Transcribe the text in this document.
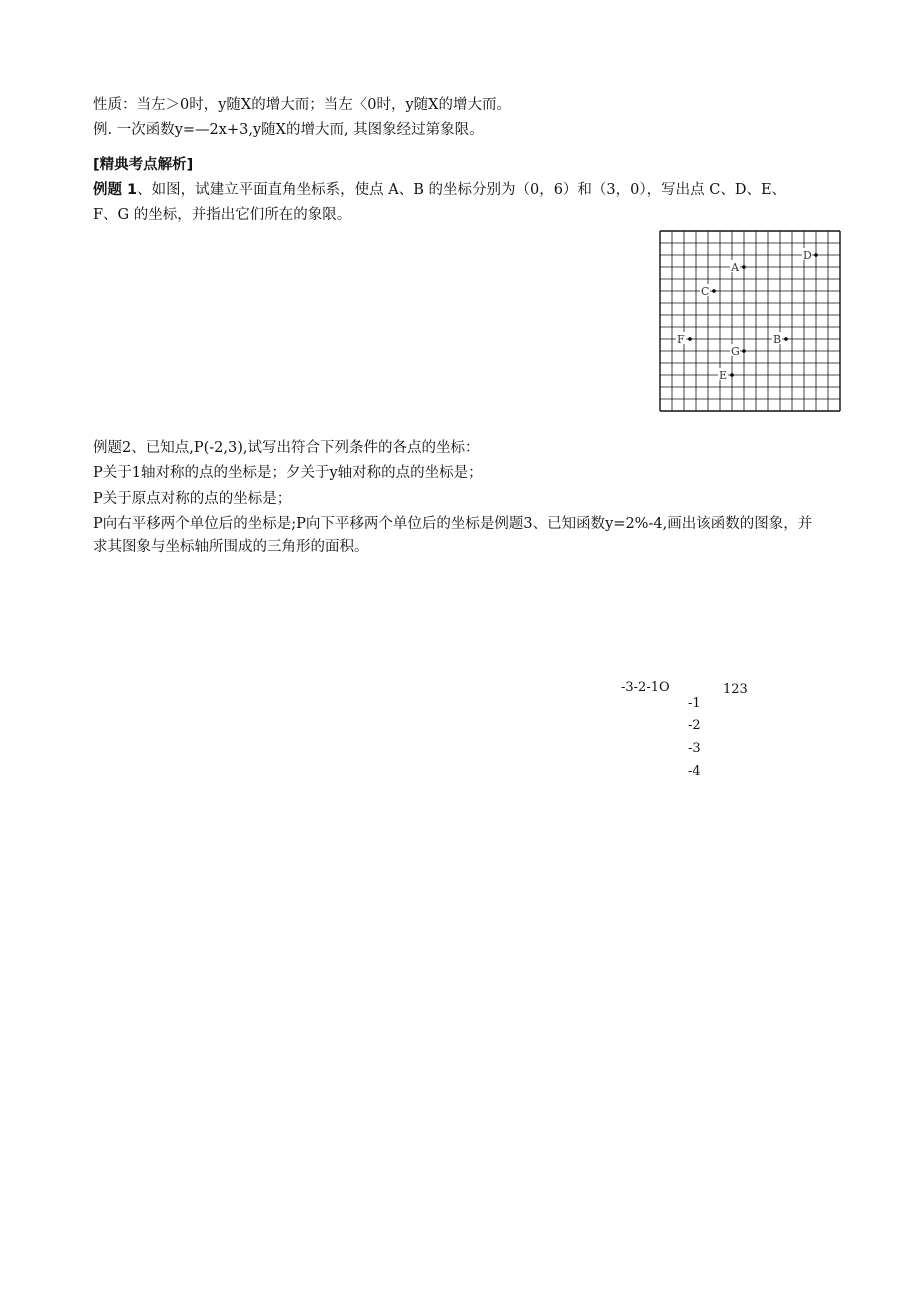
性质：当左＞0时，y随X的增大而；当左〈0时，y随X的增大而。
例. 一次函数y=—2x+3,y随X的增大而, 其图象经过第象限。
[精典考点解析]
例题 1、如图，试建立平面直角坐标系，使点 A、B 的坐标分别为（0，6）和（3，0），写出点 C、D、E、
F、G 的坐标，并指出它们所在的象限。
A
C
D
F	B
G
E
例题2、已知点,P(-2,3),试写出符合下列条件的各点的坐标：
P关于1轴对称的点的坐标是；夕关于y轴对称的点的坐标是；
P关于原点对称的点的坐标是；
P向右平移两个单位后的坐标是;P向下平移两个单位后的坐标是例题3、已知函数y=2%-4,画出该函数的图象，并
求其图象与坐标轴所围成的三角形的面积。
-3-2-1O	123
-1
-2
-3
-4
